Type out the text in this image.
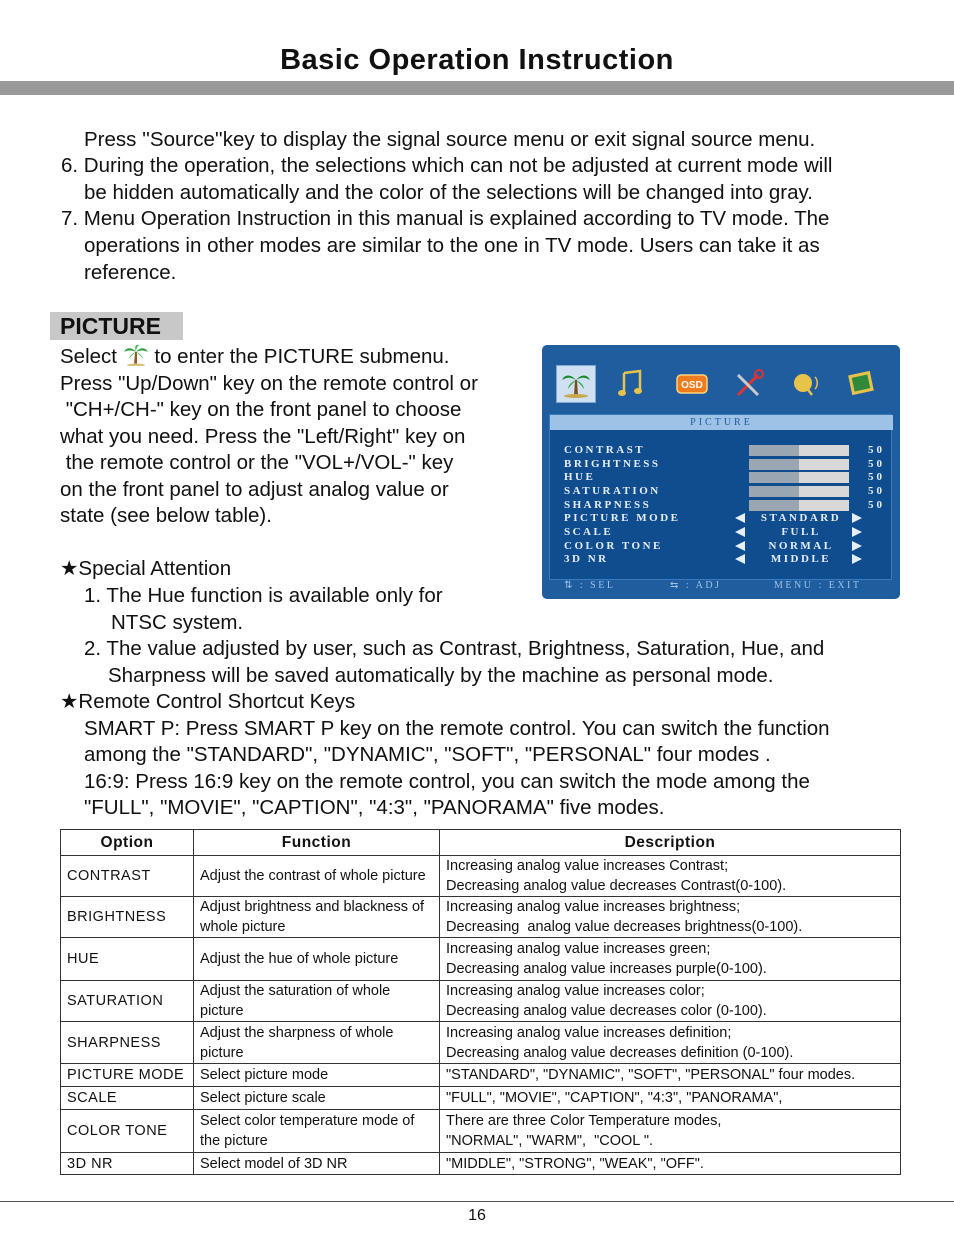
Basic Operation Instruction
Press ''Source''key to display the signal source menu or exit signal source menu.
6. During the operation, the selections which can not be adjusted at current mode will
be hidden automatically and the color of the selections will be changed into gray.
7. Menu Operation Instruction in this manual is explained according to TV mode. The
operations in other modes are similar to the one in TV mode. Users can take it as
reference.
PICTURE
Select to enter the PICTURE submenu.
Press "Up/Down" key on the remote control or
"CH+/CH-" key on the front panel to choose
what you need. Press the "Left/Right" key on
the remote control or the "VOL+/VOL-" key
on the front panel to adjust analog value or
state (see below table).
★Special Attention
1. The Hue function is available only for
NTSC system.
2. The value adjusted by user, such as Contrast, Brightness, Saturation, Hue, and
Sharpness will be saved automatically by the machine as personal mode.
★Remote Control Shortcut Keys
SMART P: Press SMART P key on the remote control. You can switch the function
among the "STANDARD", "DYNAMIC", "SOFT", "PERSONAL" four modes .
16:9: Press 16:9 key on the remote control, you can switch the mode among the
"FULL", "MOVIE", "CAPTION", "4:3", "PANORAMA" five modes.
OSD
PICTURE
CONTRAST	50
BRIGHTNESS	50
HUE	50
SATURATION	50
SHARPNESS	50
PICTURE MODE	STANDARD
SCALE	FULL
COLOR TONE	NORMAL
3D NR	MIDDLE
⇅ : SEL	⇆ : ADJ	MENU : EXIT
Option	Function	Description
CONTRAST	Adjust the contrast of whole picture	Increasing analog value increases Contrast;
Decreasing analog value decreases Contrast(0-100).

BRIGHTNESS	Adjust brightness and blackness of whole picture	Increasing analog value increases brightness;
Decreasing  analog value decreases brightness(0-100).

HUE	Adjust the hue of whole picture	Increasing analog value increases green;
Decreasing analog value increases purple(0-100).

SATURATION	Adjust the saturation of whole picture	Increasing analog value increases color;
Decreasing analog value decreases color (0-100).

SHARPNESS	Adjust the sharpness of whole picture	Increasing analog value increases definition;
Decreasing analog value decreases definition (0-100).

PICTURE MODE	Select picture mode	"STANDARD", "DYNAMIC", "SOFT", "PERSONAL" four modes.

SCALE	Select picture scale	"FULL", "MOVIE", "CAPTION", "4:3", "PANORAMA",

COLOR TONE	Select color temperature mode of the picture	There are three Color Temperature modes,
"NORMAL", "WARM",  "COOL ".

3D NR	Select model of 3D NR	"MIDDLE", "STRONG", "WEAK", "OFF".
16
